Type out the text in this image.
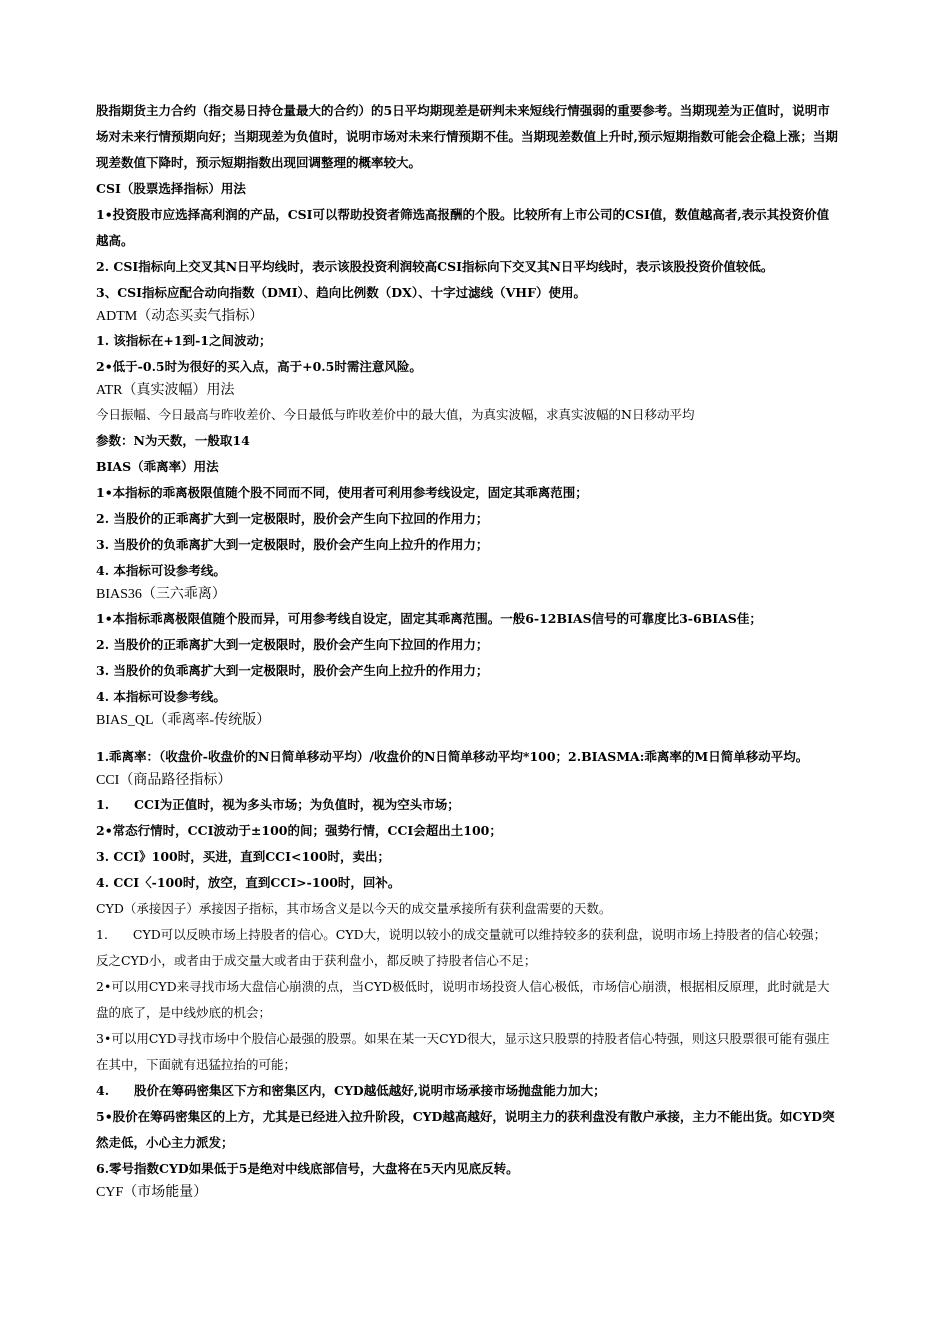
股指期货主力合约（指交易日持仓量最大的合约）的5日平均期现差是研判未来短线行情强弱的重要参考。当期现差为正值时，说明市场对未来行情预期向好；当期现差为负值时，说明市场对未来行情预期不佳。当期现差数值上升时,预示短期指数可能会企稳上涨；当期现差数值下降时，预示短期指数出现回调整理的概率较大。

CSI（股票选择指标）用法

1•投资股市应选择高利润的产品，CSI可以帮助投资者筛选高报酬的个股。比较所有上市公司的CSI值，数值越高者,表示其投资价值越高。

2. CSI指标向上交叉其N日平均线时，表示该股投资利润较高CSI指标向下交叉其N日平均线时，表示该股投资价值较低。

3、CSI指标应配合动向指数（DMI）、趋向比例数（DX）、十字过滤线（VHF）使用。

ADTM（动态买卖气指标）

1. 该指标在+1到-1之间波动；

2•低于-0.5时为很好的买入点，高于+0.5时需注意风险。

ATR（真实波幅）用法

今日振幅、今日最高与昨收差价、今日最低与昨收差价中的最大值，为真实波幅，求真实波幅的N日移动平均

参数：N为天数，一般取14

BIAS（乖离率）用法

1•本指标的乖离极限值随个股不同而不同，使用者可利用参考线设定，固定其乖离范围；

2. 当股价的正乖离扩大到一定极限时，股价会产生向下拉回的作用力；

3. 当股价的负乖离扩大到一定极限时，股价会产生向上拉升的作用力；

4. 本指标可设参考线。

BIAS36（三六乖离）

1•本指标乖离极限值随个股而异，可用参考线自设定，固定其乖离范围。一般6-12BIAS信号的可靠度比3-6BIAS佳；

2. 当股价的正乖离扩大到一定极限时，股价会产生向下拉回的作用力；

3. 当股价的负乖离扩大到一定极限时，股价会产生向上拉升的作用力；

4. 本指标可设参考线。

BIAS_QL（乖离率-传统版）

1.乖离率：（收盘价-收盘价的N日简单移动平均）/收盘价的N日简单移动平均*100；2.BIASMA:乖离率的M日简单移动平均。

CCI（商品路径指标）

1.　　CCI为正值时，视为多头市场；为负值时，视为空头市场；

2•常态行情时，CCI波动于±100的间；强势行情，CCI会超出土100；

3. CCI》100时，买进，直到CCI<100时，卖出；

4. CCI〈-100时，放空，直到CCI>-100时，回补。

CYD（承接因子）承接因子指标，其市场含义是以今天的成交量承接所有获利盘需要的天数。

1.　　CYD可以反映市场上持股者的信心。CYD大，说明以较小的成交量就可以维持较多的获利盘，说明市场上持股者的信心较强；反之CYD小，或者由于成交量大或者由于获利盘小，都反映了持股者信心不足；

2•可以用CYD来寻找市场大盘信心崩溃的点，当CYD极低时，说明市场投资人信心极低，市场信心崩溃，根据相反原理，此时就是大盘的底了，是中线炒底的机会；

3•可以用CYD寻找市场中个股信心最强的股票。如果在某一天CYD很大，显示这只股票的持股者信心特强，则这只股票很可能有强庄在其中，下面就有迅猛拉抬的可能；

4.　　股价在筹码密集区下方和密集区内，CYD越低越好,说明市场承接市场抛盘能力加大；

5•股价在筹码密集区的上方，尤其是已经进入拉升阶段，CYD越高越好，说明主力的获利盘没有散户承接，主力不能出货。如CYD突然走低，小心主力派发；

6.零号指数CYD如果低于5是绝对中线底部信号，大盘将在5天内见底反转。

CYF（市场能量）
